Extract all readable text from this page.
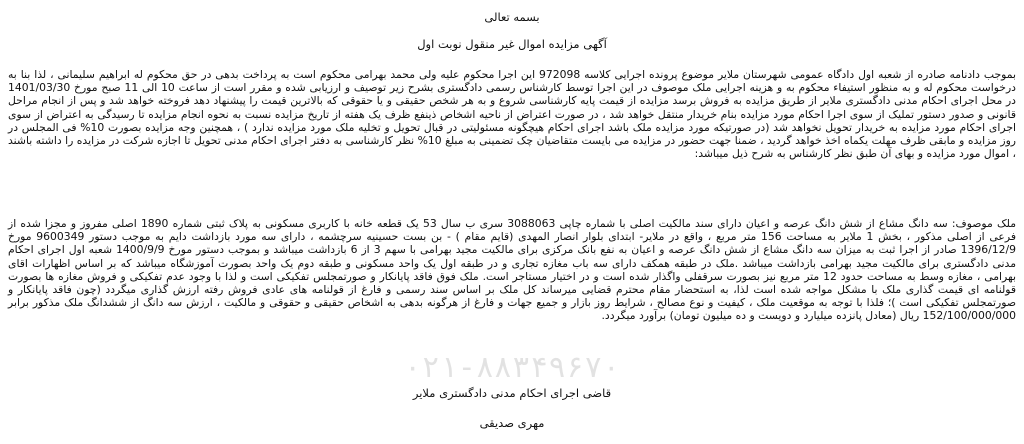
بسمه تعالی

آگهی مزایده اموال غیر منقول نوبت اول

بموجب دادنامه صادره از شعبه اول دادگاه عمومی شهرستان ملایر موضوع پرونده اجرایی کلاسه 972098 این اجرا محکوم علیه ولی محمد بهرامی محکوم است به پرداخت بدهی در حق محکوم له ابراهیم سلیمانی ، لذا بنا به درخواست محکوم له و به منظور استیفاء محکوم به و هزینه اجرایی ملک موصوف در این اجرا توسط کارشناس رسمی دادگستری بشرح زیر توصیف و ارزیابی شده و مقرر است از ساعت 10 الی 11 صبح مورخ 1401/03/30 در محل اجرای احکام مدنی دادگستری ملایر از طریق مزایده به فروش برسد مزایده از قیمت پایه کارشناسی شروع و به هر شخص حقیقی و یا حقوقی که بالاترین قیمت را پیشنهاد دهد فروخته خواهد شد و پس از انجام مراحل قانونی و صدور دستور تملیک از سوی اجرا احکام مورد مزایده بنام خریدار منتقل خواهد شد ، در صورت اعتراض از ناحیه اشخاص ذینفع ظرف یک هفته از تاریخ مزایده نسبت به نحوه انجام مزایده تا رسیدگی به اعتراض از سوی اجرای احکام مورد مزایده به خریدار تحویل نخواهد شد (در صورتیکه مورد مزایده ملک باشد اجرای احکام هیچگونه مسئولیتی در قبال تحویل و تخلیه ملک مورد مزایده ندارد ) ، همچنین وجه مزایده بصورت 10% فی المجلس در روز مزایده و مابقی ظرف مهلت یکماه اخذ خواهد گردید ، ضمنا جهت حضور در مزایده می بایست متقاضیان چک تضمینی به مبلغ 10% نظر کارشناسی به دفتر اجرای احکام مدنی تحویل تا اجازه شرکت در مزایده را داشته باشند ، اموال مورد مزایده و بهای آن طبق نظر کارشناس به شرح ذیل میباشد:

ملک موصوف: سه دانگ مشاع از شش دانگ عرصه و اعیان دارای سند مالکیت اصلی با شماره چاپی 3088063 سری ب سال 53 یک قطعه خانه با کاربری مسکونی به پلاک ثبتی شماره 1890 اصلی مفروز و مجزا شده از فرعی از اصلی مذکور ، بخش 1 ملایر به مساحت 156 متر مربع ، واقع در ملایر- ابتدای بلوار انصار المهدی (قایم مقام ) - بن بست حسینیه سرچشمه ، دارای سه مورد بازداشت دایم به موجب دستور 9600349 مورخ 1396/12/9 صادر از اجرا ثبت به میزان سه دانگ مشاع از شش دانگ عرصه و اعیان به نفع بانک مرکزی برای مالکیت مجید بهرامی با سهم 3 از 6 بازداشت میباشد و بموجب دستور مورخ 1400/9/9 شعبه اول اجرای احکام مدنی دادگستری برای مالکیت مجید بهرامی بازداشت میباشد .ملک در طبقه همکف دارای سه باب مغازه تجاری و در طبقه اول یک واحد مسکونی و طبقه دوم یک واحد بصورت آموزشگاه میباشد که بر اساس اظهارات اقای بهرامی ، مغازه وسط به مساحت حدود 12 متر مربع نیز بصورت سرقفلی واگذار شده است و در اختیار مستاجر است. ملک فوق فاقد پایانکار و صورتمجلس تفکیکی است و لذا با وجود عدم تفکیکی و فروش مغازه ها بصورت قولنامه ای قیمت گذاری ملک با مشکل مواجه شده است لذا، به استحضار مقام محترم قضایی میرساند کل ملک بر اساس سند رسمی و فارغ از قولنامه های عادی فروش رفته ارزش گذاری میگردد (چون فاقد پایانکار و صورتمجلس تفکیکی است )؛ فلذا با توجه به موقعیت ملک ، کیفیت و نوع مصالح ، شرایط روز بازار و جمیع جهات و فارغ از هرگونه بدهی به اشخاص حقیقی و حقوقی و مالکیت ، ارزش سه دانگ از ششدانگ ملک مذکور برابر 152/100/000/000 ریال (معادل پانزده میلیارد و دویست و ده میلیون تومان) برآورد میگردد.

۰۲۱-۸۸۳۴۹۶۷۰

قاضی اجرای احکام مدنی دادگستری ملایر

مهری صدیقی
